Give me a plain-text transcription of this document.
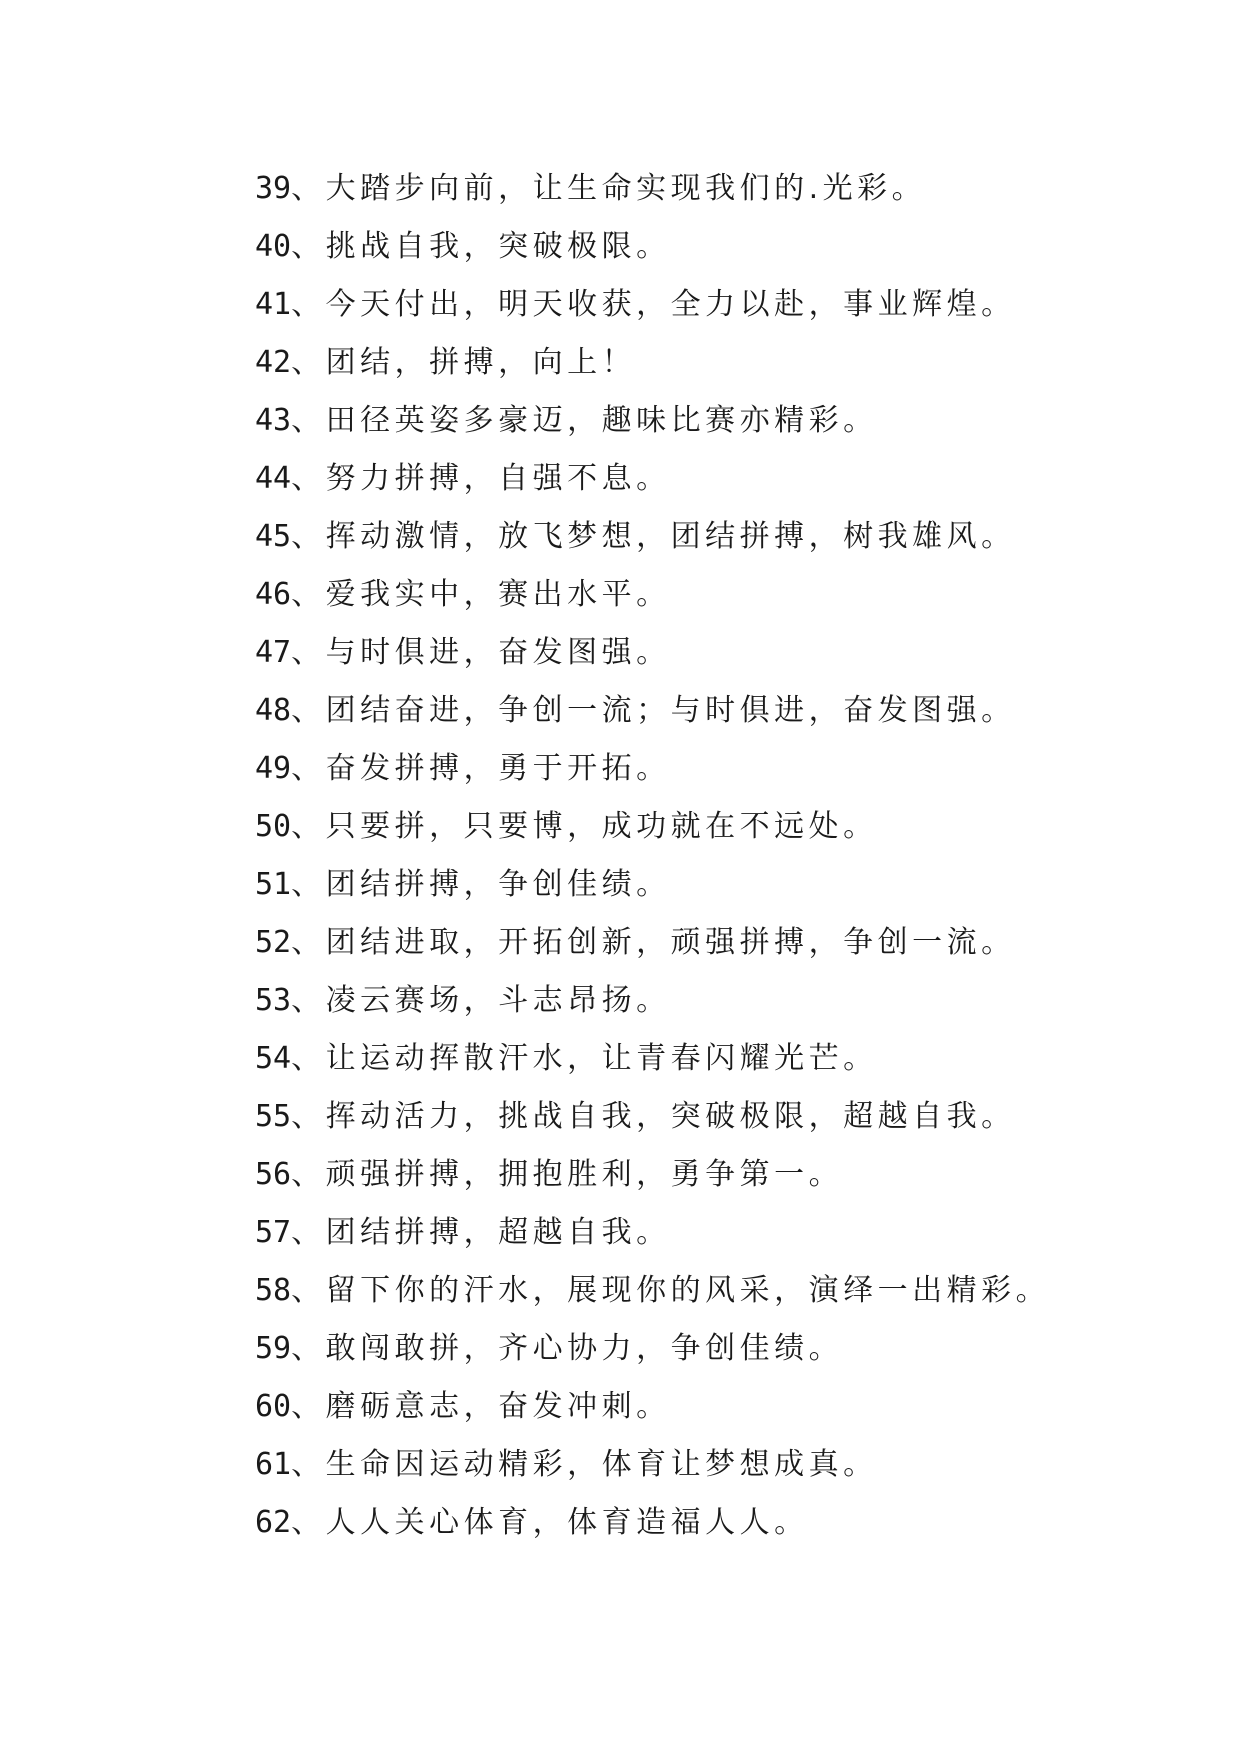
39、大踏步向前，让生命实现我们的.光彩。
40、挑战自我，突破极限。
41、今天付出，明天收获，全力以赴，事业辉煌。
42、团结，拼搏，向上！
43、田径英姿多豪迈，趣味比赛亦精彩。
44、努力拼搏，自强不息。
45、挥动激情，放飞梦想，团结拼搏，树我雄风。
46、爱我实中，赛出水平。
47、与时俱进，奋发图强。
48、团结奋进，争创一流；与时俱进，奋发图强。
49、奋发拼搏，勇于开拓。
50、只要拼，只要博，成功就在不远处。
51、团结拼搏，争创佳绩。
52、团结进取，开拓创新，顽强拼搏，争创一流。
53、凌云赛场，斗志昂扬。
54、让运动挥散汗水，让青春闪耀光芒。
55、挥动活力，挑战自我，突破极限，超越自我。
56、顽强拼搏，拥抱胜利，勇争第一。
57、团结拼搏，超越自我。
58、留下你的汗水，展现你的风采，演绎一出精彩。
59、敢闯敢拼，齐心协力，争创佳绩。
60、磨砺意志，奋发冲刺。
61、生命因运动精彩，体育让梦想成真。
62、人人关心体育，体育造福人人。
